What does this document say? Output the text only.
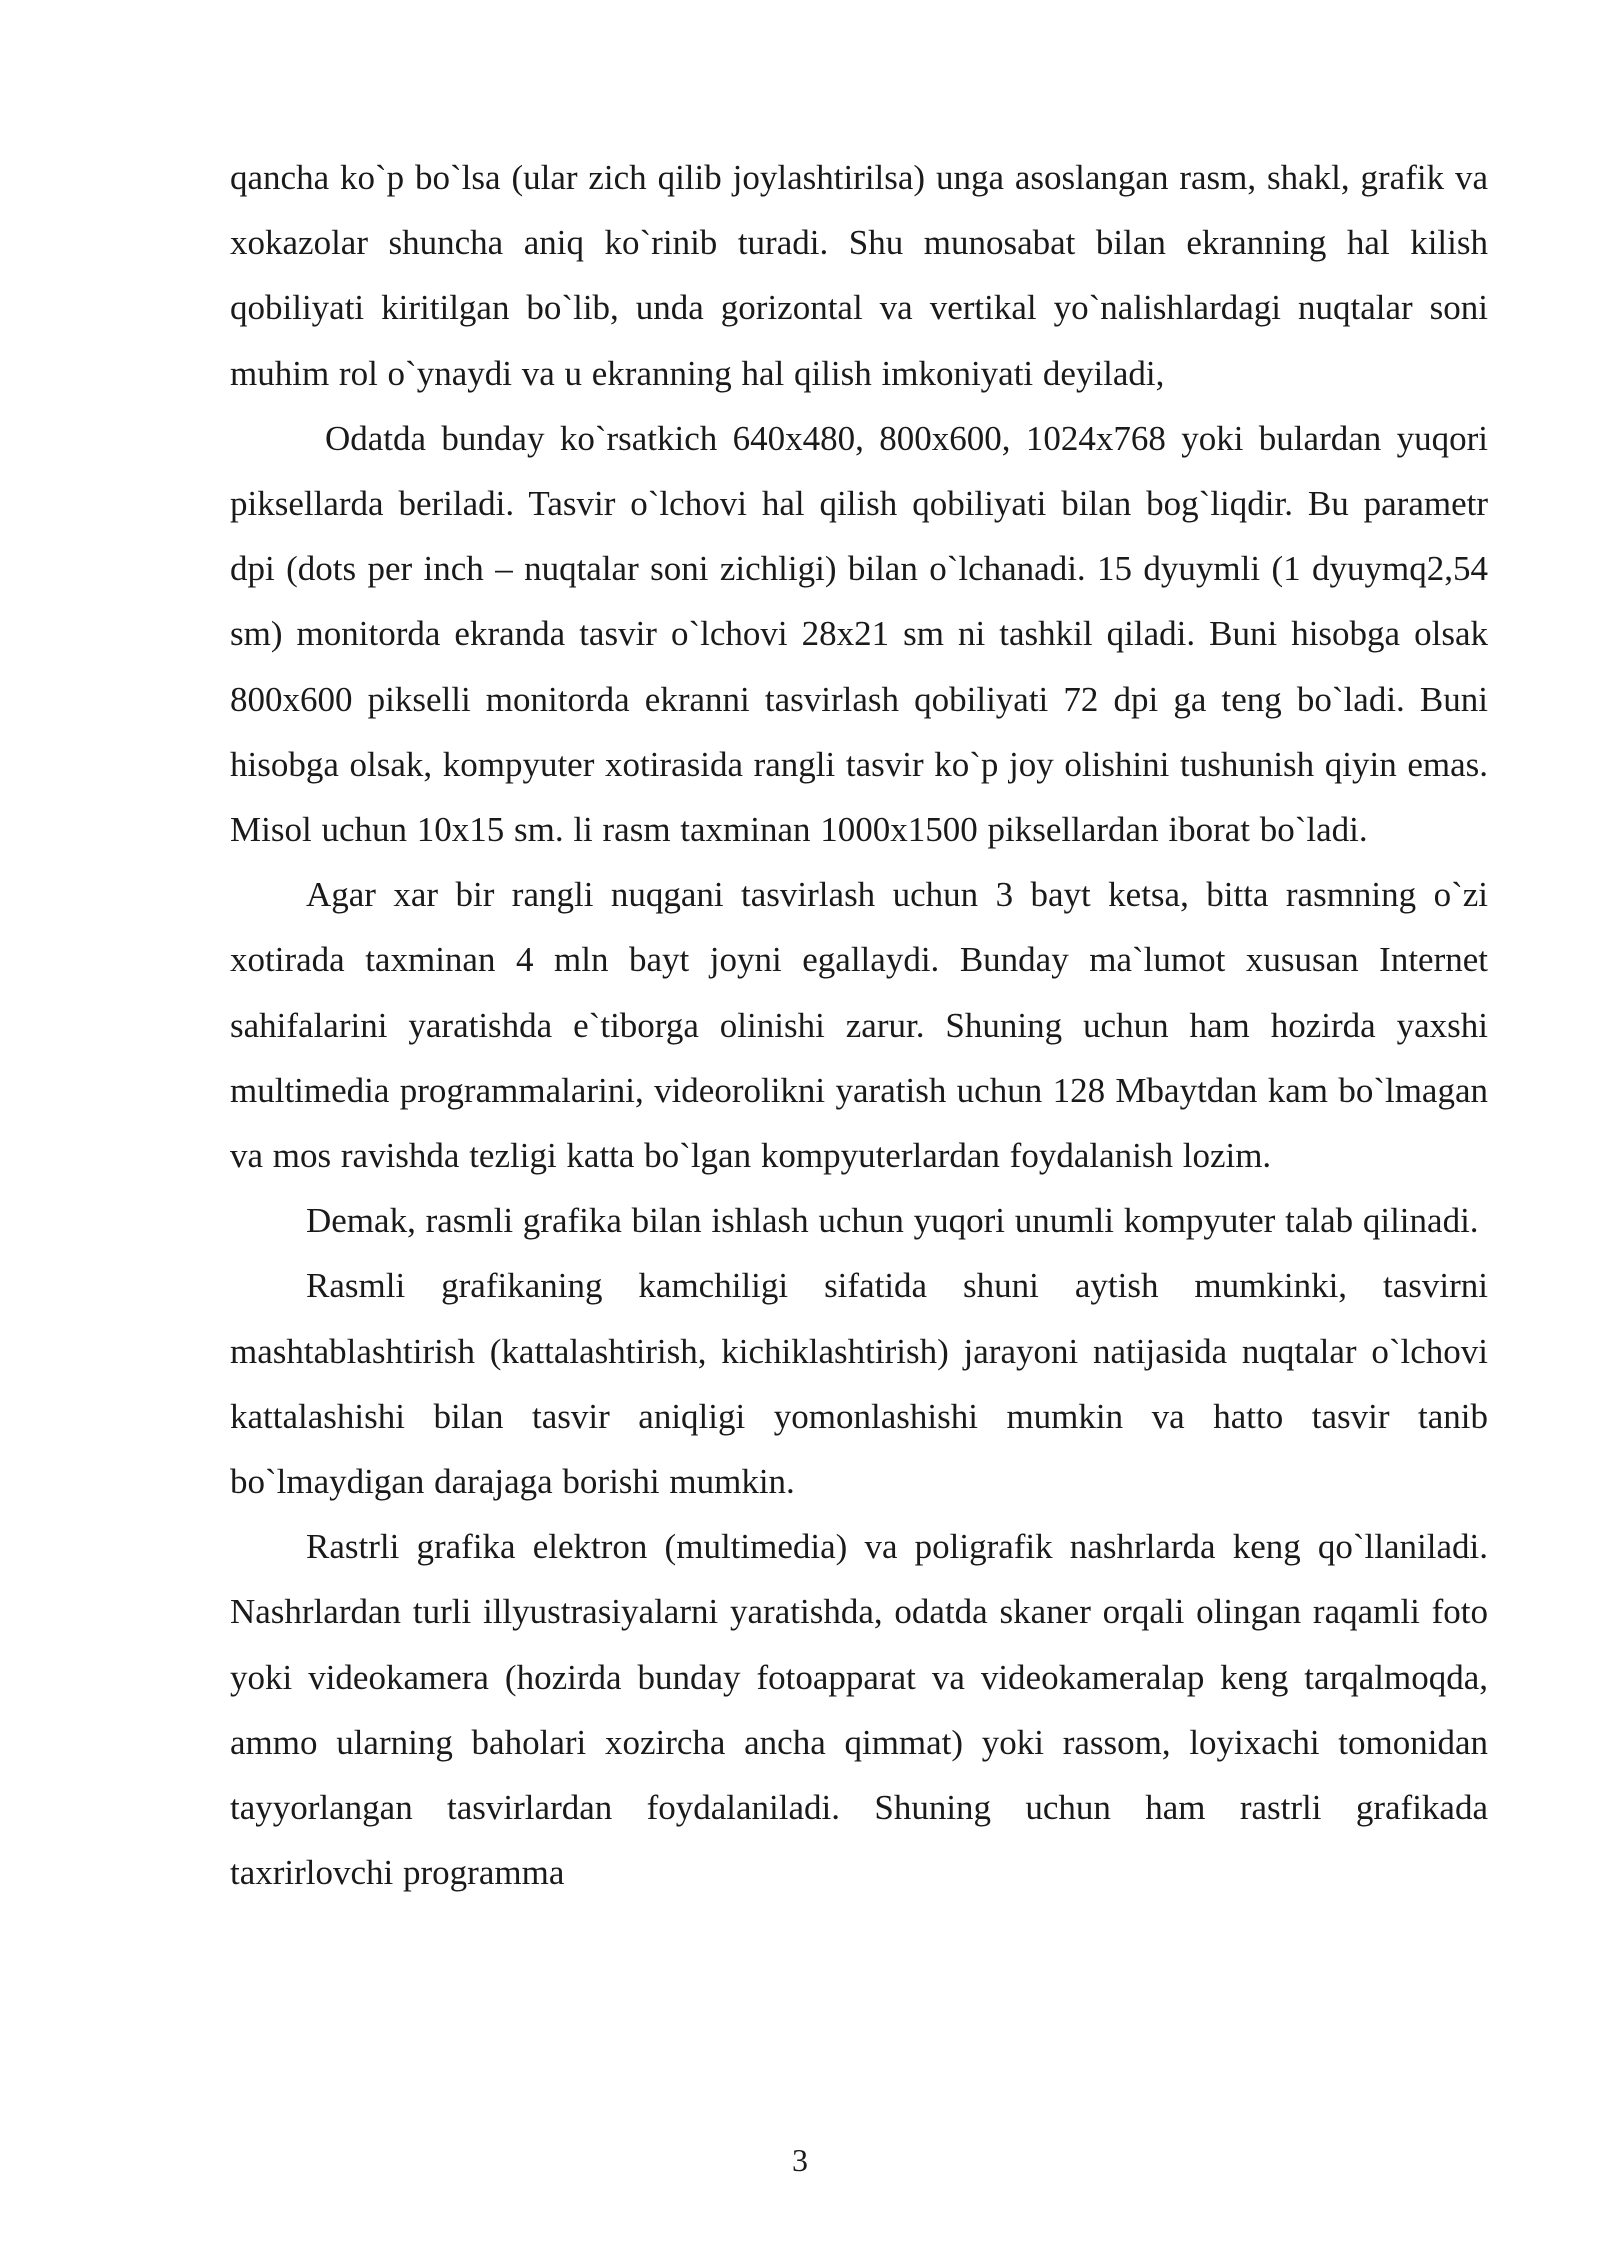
qancha ko`p bo`lsa (ular zich qilib joylashtirilsa) unga asoslangan rasm, shakl, grafik va xokazolar shuncha aniq ko`rinib turadi. Shu munosabat bilan ekranning hal kilish qobiliyati kiritilgan bo`lib, unda gorizontal va vertikal yo`nalishlardagi nuqtalar soni muhim rol o`ynaydi va u ekranning hal qilish imkoniyati deyiladi,

Odatda bunday ko`rsatkich 640x480, 800x600, 1024x768 yoki bulardan yuqori piksellarda beriladi. Tasvir o`lchovi hal qilish qobiliyati bilan bog`liqdir. Bu parametr dpi (dots per inch – nuqtalar soni zichligi) bilan o`lchanadi. 15 dyuymli (1 dyuymq2,54 sm) monitorda ekranda tasvir o`lchovi 28x21 sm ni tashkil qiladi. Buni hisobga olsak 800x600 pikselli monitorda ekranni tasvirlash qobiliyati 72 dpi ga teng bo`ladi. Buni hisobga olsak, kompyuter xotirasida rangli tasvir ko`p joy olishini tushunish qiyin emas. Misol uchun 10x15 sm. li rasm taxminan 1000x1500 piksellardan iborat bo`ladi.

Agar xar bir rangli nuqgani tasvirlash uchun 3 bayt ketsa, bitta rasmning o`zi xotirada taxminan 4 mln bayt joyni egallaydi. Bunday ma`lumot xususan Internet sahifalarini yaratishda e`tiborga olinishi zarur. Shuning uchun ham hozirda yaxshi multimedia programmalarini, videorolikni yaratish uchun 128 Mbaytdan kam bo`lmagan va mos ravishda tezligi katta bo`lgan kompyuterlardan foydalanish lozim.

Demak, rasmli grafika bilan ishlash uchun yuqori unumli kompyuter talab qilinadi.

Rasmli grafikaning kamchiligi sifatida shuni aytish mumkinki, tasvirni mashtablashtirish (kattalashtirish, kichiklashtirish) jarayoni natijasida nuqtalar o`lchovi kattalashishi bilan tasvir aniqligi yomonlashishi mumkin va hatto tasvir tanib bo`lmaydigan darajaga borishi mumkin.

Rastrli grafika elektron (multimedia) va poligrafik nashrlarda keng qo`llaniladi. Nashrlardan turli illyustrasiyalarni yaratishda, odatda skaner orqali olingan raqamli foto yoki videokamera (hozirda bunday fotoapparat va videokameralap keng tarqalmoqda, ammo ularning baholari xozircha ancha qimmat) yoki rassom, loyixachi tomonidan tayyorlangan tasvirlardan foydalaniladi. Shuning uchun ham rastrli grafikada taxrirlovchi programma

3
